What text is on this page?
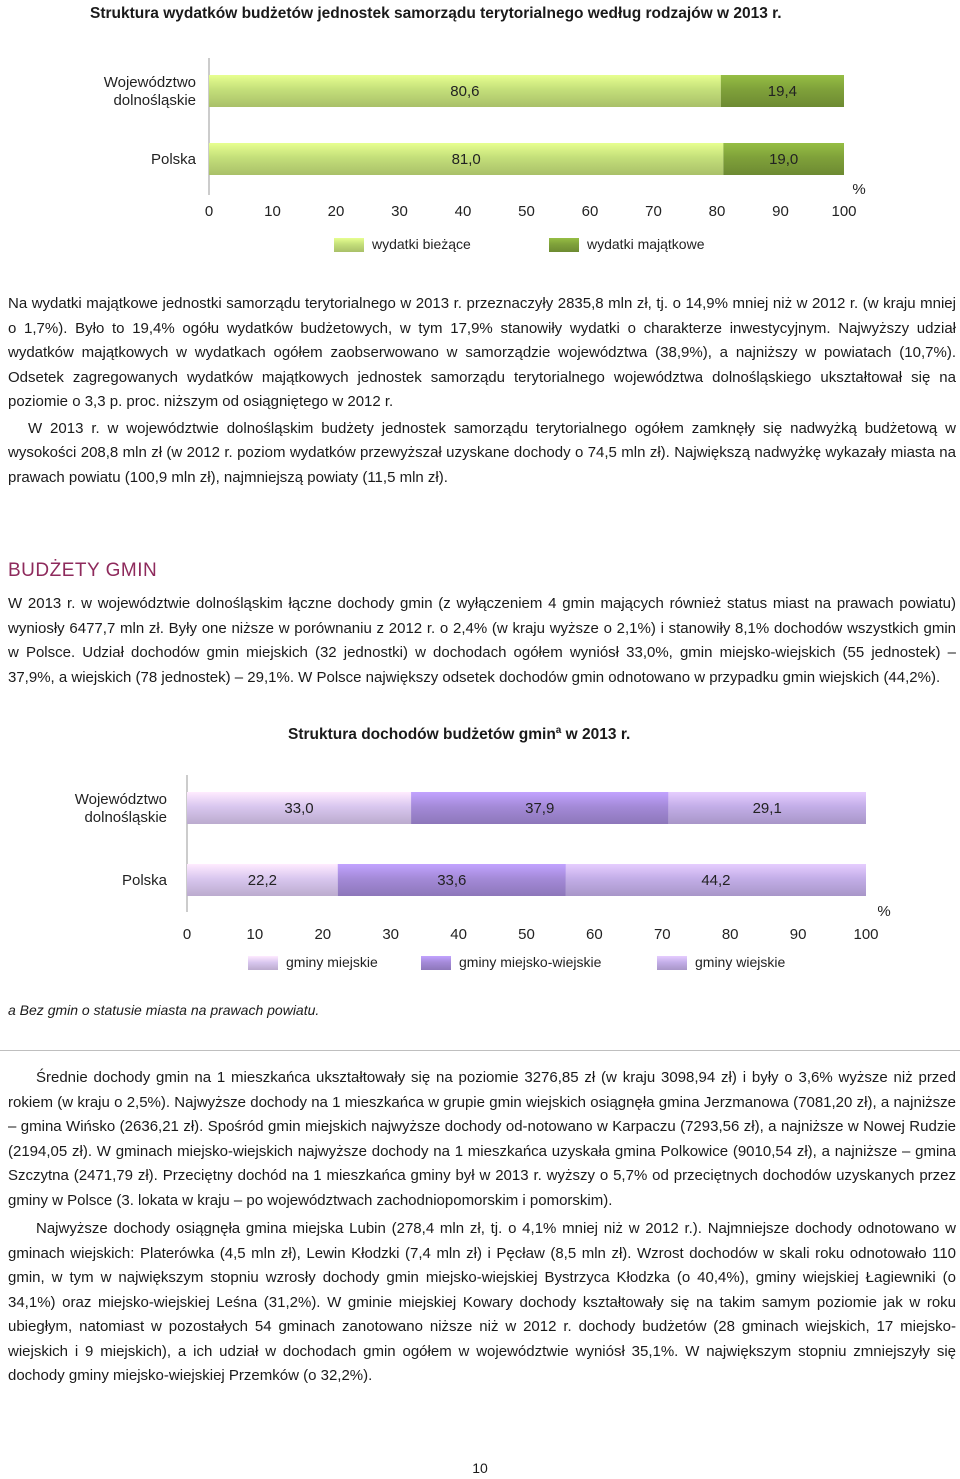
Struktura wydatków budżetów jednostek samorządu terytorialnego według rodzajów w 2013 r.
80,6	19,4
Województwo
dolnośląskie
81,0	19,0
Polska
0	10	20	30	40	50	60	70	80	90	100
%
wydatki bieżące	wydatki majątkowe

Na wydatki majątkowe jednostki samorządu terytorialnego w 2013 r. przeznaczyły 2835,8 mln zł, tj. o 14,9% mniej niż w 2012 r. (w kraju mniej o 1,7%). Było to 19,4% ogółu wydatków budżetowych, w tym 17,9% stanowiły wydatki o charakterze inwestycyjnym. Najwyższy udział wydatków majątkowych w wydatkach ogółem zaobserwowano w samorządzie województwa (38,9%), a najniższy w powiatach (10,7%). Odsetek zagregowanych wydatków majątkowych jednostek samorządu terytorialnego województwa dolnośląskiego ukształtował się na poziomie o 3,3 p. proc. niższym od osiągniętego w 2012 r.

W 2013 r. w województwie dolnośląskim budżety jednostek samorządu terytorialnego ogółem zamknęły się nadwyżką budżetową w wysokości 208,8 mln zł (w 2012 r. poziom wydatków przewyższał uzyskane dochody o 74,5 mln zł). Największą nadwyżkę wykazały miasta na prawach powiatu (100,9 mln zł), najmniejszą powiaty (11,5 mln zł).

BUDŻETY GMIN

W 2013 r. w województwie dolnośląskim łączne dochody gmin (z wyłączeniem 4 gmin mających również status miast na prawach powiatu) wyniosły 6477,7 mln zł. Były one niższe w porównaniu z 2012 r. o 2,4% (w kraju wyższe o 2,1%) i stanowiły 8,1% dochodów wszystkich gmin w Polsce. Udział dochodów gmin miejskich (32 jednostki) w dochodach ogółem wyniósł 33,0%, gmin miejsko-wiejskich (55 jednostek) – 37,9%, a wiejskich (78 jednostek) – 29,1%. W Polsce największy odsetek dochodów gmin odnotowano w przypadku gmin wiejskich (44,2%).

Struktura dochodów budżetów gmin$^a$ w 2013 r.
33,0	37,9	29,1
Województwo
dolnośląskie
22,2	33,6	44,2
Polska
0	10	20	30	40	50	60	70	80	90	100
%
gminy miejskie	gminy miejsko-wiejskie	gminy wiejskie
a Bez gmin o statusie miasta na prawach powiatu.

Średnie dochody gmin na 1 mieszkańca ukształtowały się na poziomie 3276,85 zł (w kraju 3098,94 zł) i były o 3,6% wyższe niż przed rokiem (w kraju o 2,5%). Najwyższe dochody na 1 mieszkańca w grupie gmin wiejskich osiągnęła gmina Jerzmanowa (7081,20 zł), a najniższe – gmina Wińsko (2636,21 zł). Spośród gmin miejskich najwyższe dochody od-notowano w Karpaczu (7293,56 zł), a najniższe w Nowej Rudzie (2194,05 zł). W gminach miejsko-wiejskich najwyższe dochody na 1 mieszkańca uzyskała gmina Polkowice (9010,54 zł), a najniższe – gmina Szczytna (2471,79 zł). Przeciętny dochód na 1 mieszkańca gminy był w 2013 r. wyższy o 5,7% od przeciętnych dochodów uzyskanych przez gminy w Polsce (3. lokata w kraju – po województwach zachodniopomorskim i pomorskim).

Najwyższe dochody osiągnęła gmina miejska Lubin (278,4 mln zł, tj. o 4,1% mniej niż w 2012 r.). Najmniejsze dochody odnotowano w gminach wiejskich: Platerówka (4,5 mln zł), Lewin Kłodzki (7,4 mln zł) i Pęcław (8,5 mln zł). Wzrost dochodów w skali roku odnotowało 110 gmin, w tym w największym stopniu wzrosły dochody gmin miejsko-wiejskiej Bystrzyca Kłodzka (o 40,4%), gminy wiejskiej Łagiewniki (o 34,1%) oraz miejsko-wiejskiej Leśna (31,2%). W gminie miejskiej Kowary dochody kształtowały się na takim samym poziomie jak w roku ubiegłym, natomiast w pozostałych 54 gminach zanotowano niższe niż w 2012 r. dochody budżetów (28 gminach wiejskich, 17 miejsko-wiejskich i 9 miejskich), a ich udział w dochodach gmin ogółem w województwie wyniósł 35,1%. W największym stopniu zmniejszyły się dochody gminy miejsko-wiejskiej Przemków (o 32,2%).

10
